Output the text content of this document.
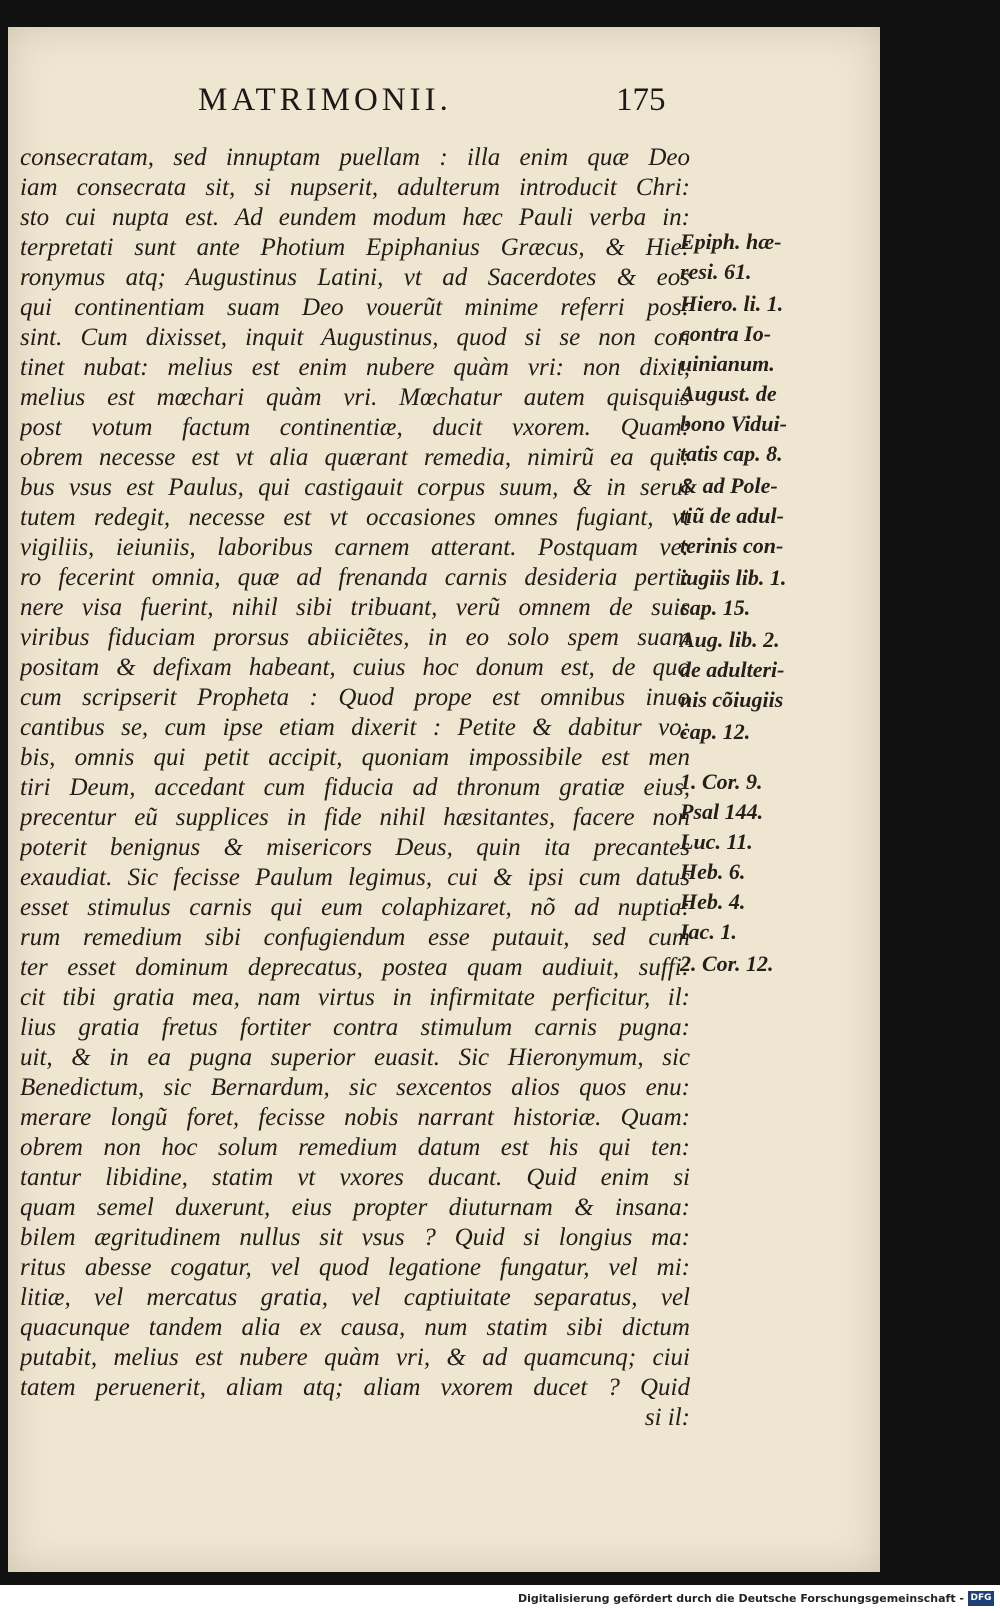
MATRIMONII.	175
consecratam, sed innuptam puellam : illa enim quæ Deo
iam consecrata sit, si nupserit, adulterum introducit Chri:
sto cui nupta est. Ad eundem modum hæc Pauli verba in:
terpretati sunt ante Photium Epiphanius Græcus, & Hie:
ronymus atq; Augustinus Latini, vt ad Sacerdotes & eos
qui continentiam suam Deo vouerũt minime referri pos:
sint. Cum dixisset, inquit Augustinus, quod si se non con
tinet nubat: melius est enim nubere quàm vri: non dixit,
melius est mœchari quàm vri. Mœchatur autem quisquis
post votum factum continentiæ, ducit vxorem. Quam:
obrem necesse est vt alia quærant remedia, nimirũ ea qui:
bus vsus est Paulus, qui castigauit corpus suum, & in serui
tutem redegit, necesse est vt occasiones omnes fugiant, vt
vigiliis, ieiuniis, laboribus carnem atterant. Postquam ve:
ro fecerint omnia, quæ ad frenanda carnis desideria perti:
nere visa fuerint, nihil sibi tribuant, verũ omnem de suis
viribus fiduciam prorsus abiiciẽtes, in eo solo spem suam
positam & defixam habeant, cuius hoc donum est, de quo
cum scripserit Propheta : Quod prope est omnibus inuo
cantibus se, cum ipse etiam dixerit : Petite & dabitur vo:
bis, omnis qui petit accipit, quoniam impossibile est men
tiri Deum, accedant cum fiducia ad thronum gratiæ eius,
precentur eũ supplices in fide nihil hæsitantes, facere non
poterit benignus & misericors Deus, quin ita precantes
exaudiat. Sic fecisse Paulum legimus, cui & ipsi cum datus
esset stimulus carnis qui eum colaphizaret, nõ ad nuptia:
rum remedium sibi confugiendum esse putauit, sed cum
ter esset dominum deprecatus, postea quam audiuit, suffi:
cit tibi gratia mea, nam virtus in infirmitate perficitur, il:
lius gratia fretus fortiter contra stimulum carnis pugna:
uit, & in ea pugna superior euasit. Sic Hieronymum, sic
Benedictum, sic Bernardum, sic sexcentos alios quos enu:
merare longũ foret, fecisse nobis narrant historiæ. Quam:
obrem non hoc solum remedium datum est his qui ten:
tantur libidine, statim vt vxores ducant. Quid enim si
quam semel duxerunt, eius propter diuturnam & insana:
bilem ægritudinem nullus sit vsus ? Quid si longius ma:
ritus abesse cogatur, vel quod legatione fungatur, vel mi:
litiæ, vel mercatus gratia, vel captiuitate separatus, vel
quacunque tandem alia ex causa, num statim sibi dictum
putabit, melius est nubere quàm vri, & ad quamcunq; ciui
tatem peruenerit, aliam atq; aliam vxorem ducet ? Quid
si il:
Epiph. hæ-
resi. 61.
Hiero. li. 1.
contra Io-
uinianum.
August. de
bono Vidui-
tatis cap. 8.
& ad Pole-
tiũ de adul-
terinis con-
iugiis lib. 1.
cap. 15.
Aug. lib. 2.
de adulteri-
nis cõiugiis
cap. 12.
1. Cor. 9.
Psal 144.
Luc. 11.
Heb. 6.
Heb. 4.
Iac. 1.
2. Cor. 12.
Digitalisierung gefördert durch die Deutsche Forschungsgemeinschaft - DFG
